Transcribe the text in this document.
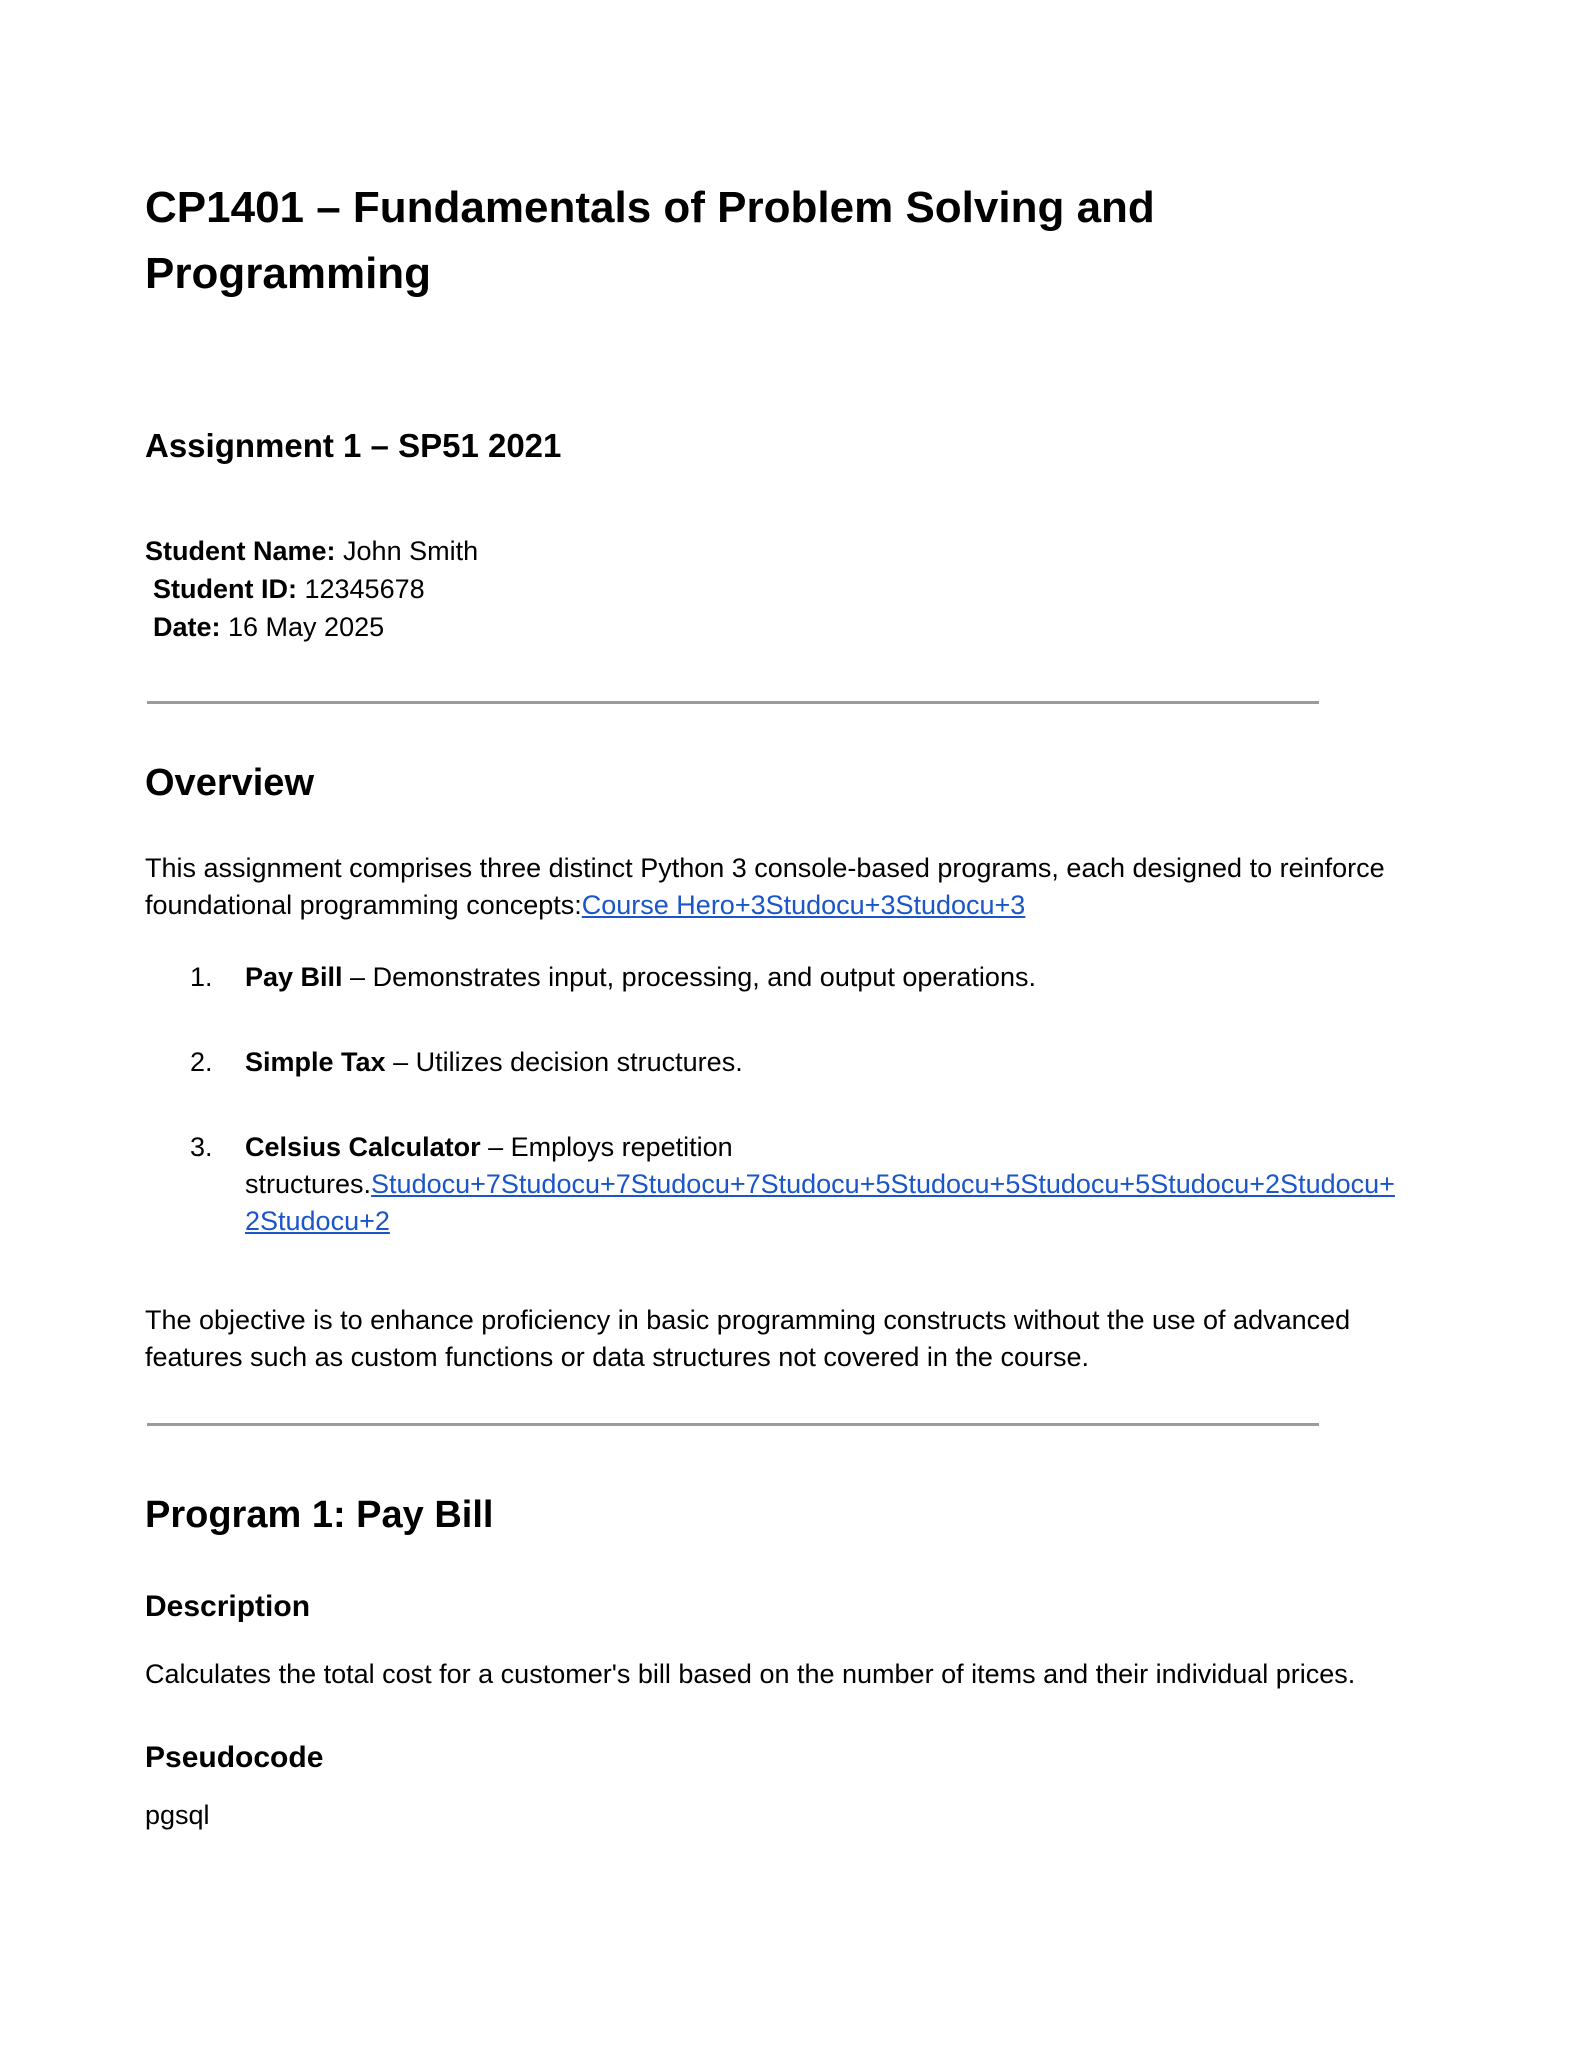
CP1401 – Fundamentals of Problem Solving and Programming
Assignment 1 – SP51 2021
Student Name: John Smith
Student ID: 12345678
Date: 16 May 2025
Overview

This assignment comprises three distinct Python 3 console-based programs, each designed to reinforce foundational programming concepts:Course Hero+3Studocu+3Studocu+3

1.	Pay Bill – Demonstrates input, processing, and output operations.
2.	Simple Tax – Utilizes decision structures.
3.	Celsius Calculator – Employs repetition structures.Studocu+7Studocu+7Studocu+7Studocu+5Studocu+5Studocu+5Studocu+2Studocu+2Studocu+2

The objective is to enhance proficiency in basic programming constructs without the use of advanced features such as custom functions or data structures not covered in the course.

Program 1: Pay Bill
Description

Calculates the total cost for a customer's bill based on the number of items and their individual prices.

Pseudocode

pgsql
